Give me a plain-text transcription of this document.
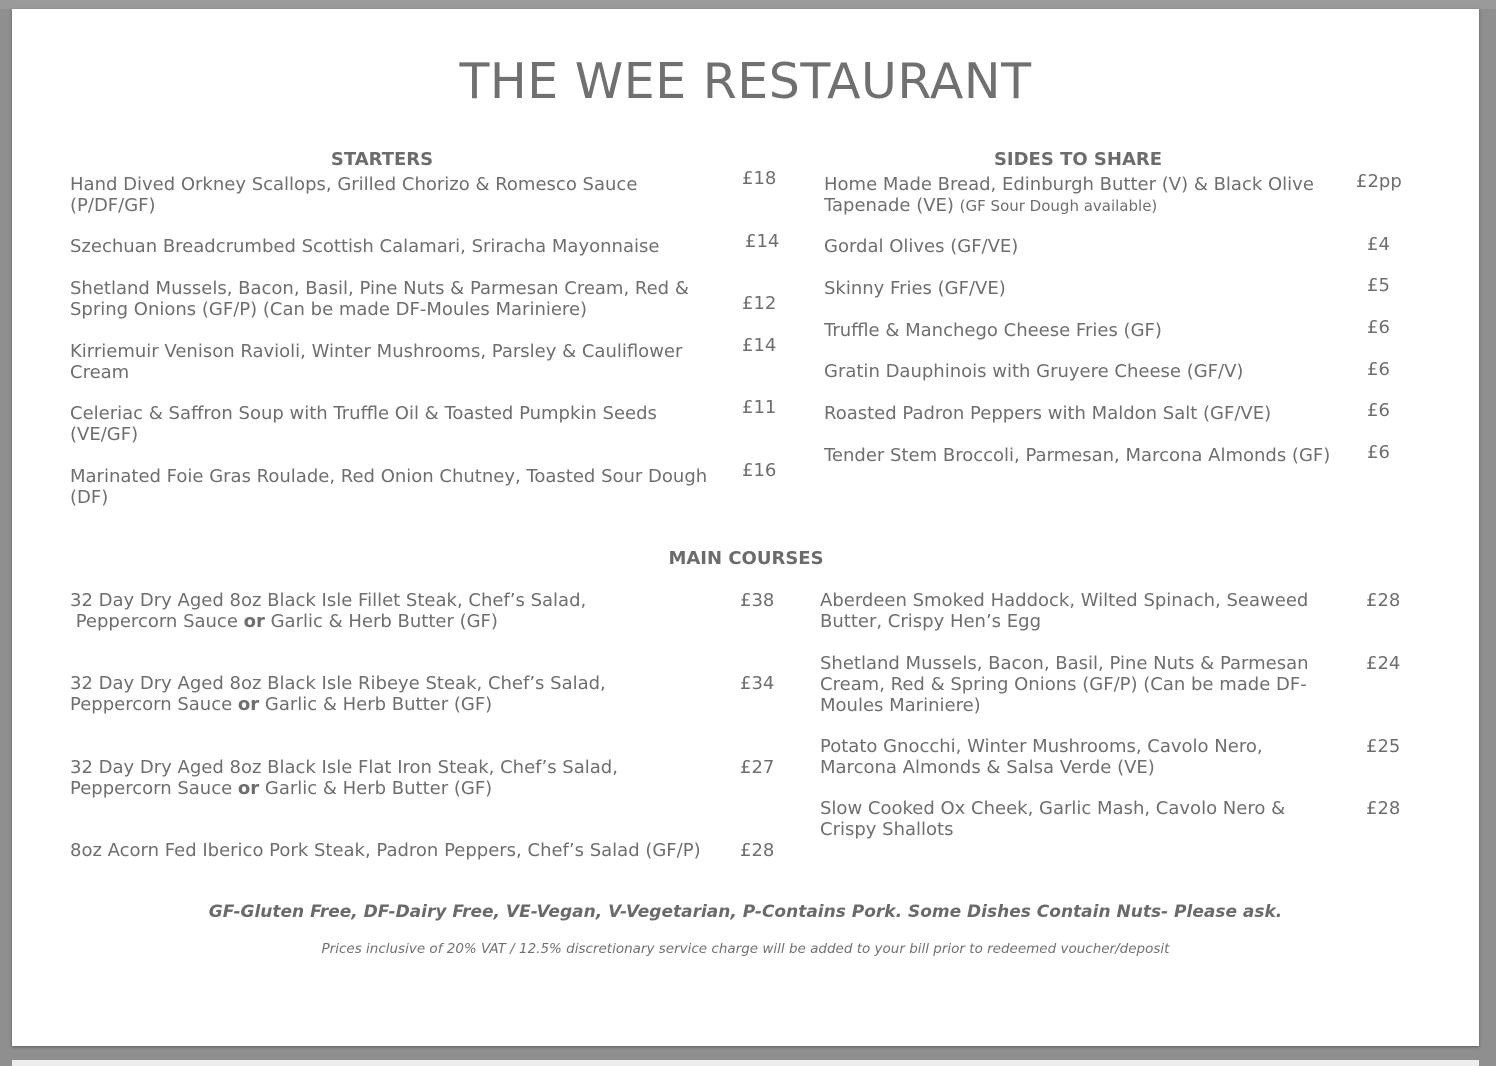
THE WEE RESTAURANT
STARTERS
Hand Dived Orkney Scallops, Grilled Chorizo & Romesco Sauce
(P/DF/GF)
£18
Szechuan Breadcrumbed Scottish Calamari, Sriracha Mayonnaise	£14
Shetland Mussels, Bacon, Basil, Pine Nuts & Parmesan Cream, Red &
Spring Onions (GF/P) (Can be made DF-Moules Mariniere)	£12
Kirriemuir Venison Ravioli, Winter Mushrooms, Parsley & Cauliflower
Cream
£14
Celeriac & Saffron Soup with Truffle Oil & Toasted Pumpkin Seeds
(VE/GF)
£11
Marinated Foie Gras Roulade, Red Onion Chutney, Toasted Sour Dough
(DF)
£16
SIDES TO SHARE
Home Made Bread, Edinburgh Butter (V) & Black Olive
Tapenade (VE) (GF Sour Dough available)
£2pp
Gordal Olives (GF/VE)	£4
Skinny Fries (GF/VE)	£5
Truffle & Manchego Cheese Fries (GF)	£6
Gratin Dauphinois with Gruyere Cheese (GF/V)	£6
Roasted Padron Peppers with Maldon Salt (GF/VE)	£6
Tender Stem Broccoli, Parmesan, Marcona Almonds (GF) £6
MAIN COURSES
32 Day Dry Aged 8oz Black Isle Fillet Steak, Chef’s Salad,
Peppercorn Sauce or Garlic & Herb Butter (GF)
£38
32 Day Dry Aged 8oz Black Isle Ribeye Steak, Chef’s Salad,
Peppercorn Sauce or Garlic & Herb Butter (GF)
£34
32 Day Dry Aged 8oz Black Isle Flat Iron Steak, Chef’s Salad,
Peppercorn Sauce or Garlic & Herb Butter (GF)
£27
8oz Acorn Fed Iberico Pork Steak, Padron Peppers, Chef’s Salad (GF/P) £28
Aberdeen Smoked Haddock, Wilted Spinach, Seaweed
Butter, Crispy Hen’s Egg
£28
Shetland Mussels, Bacon, Basil, Pine Nuts & Parmesan
Cream, Red & Spring Onions (GF/P) (Can be made DF-
Moules Mariniere)
£24
Potato Gnocchi, Winter Mushrooms, Cavolo Nero,
Marcona Almonds & Salsa Verde (VE)
£25
Slow Cooked Ox Cheek, Garlic Mash, Cavolo Nero &
Crispy Shallots
£28
GF-Gluten Free, DF-Dairy Free, VE-Vegan, V-Vegetarian, P-Contains Pork. Some Dishes Contain Nuts- Please ask.
Prices inclusive of 20% VAT / 12.5% discretionary service charge will be added to your bill prior to redeemed voucher/deposit
